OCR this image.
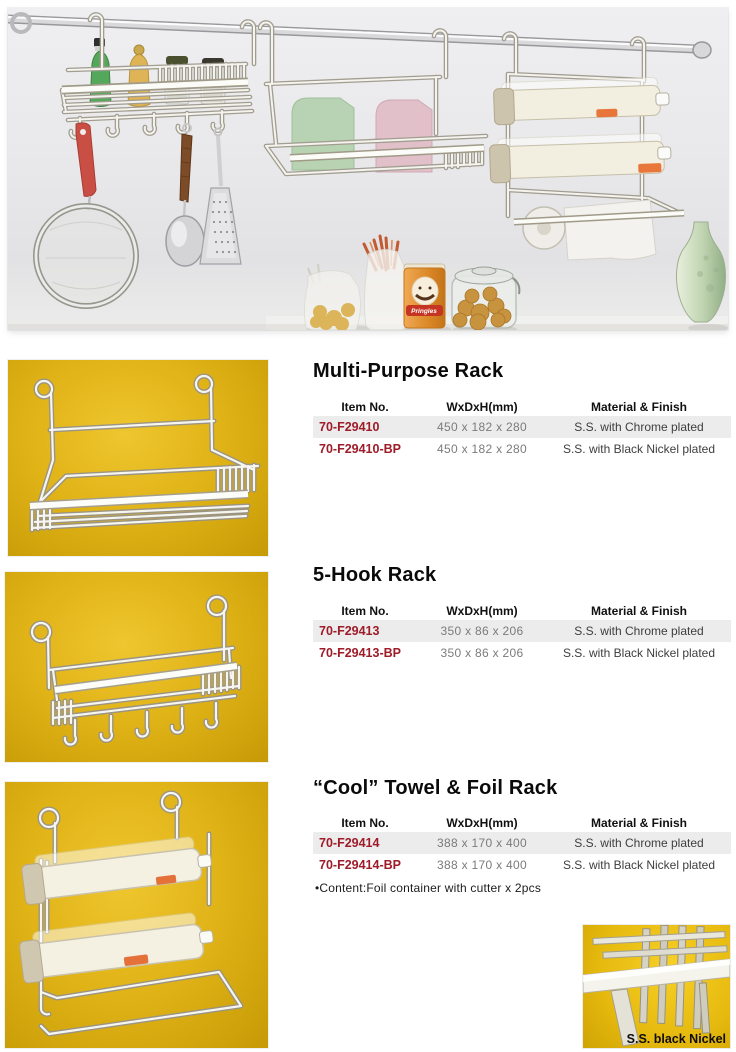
Pringles
Multi-Purpose Rack
Item No.	WxDxH(mm)	Material & Finish
70-F29410	450 x 182 x 280	S.S. with Chrome plated
70-F29410-BP	450 x 182 x 280	S.S. with Black Nickel plated
5-Hook Rack
Item No.	WxDxH(mm)	Material & Finish
70-F29413	350 x 86 x 206	S.S. with Chrome plated
70-F29413-BP	350 x 86 x 206	S.S. with Black Nickel plated
“Cool” Towel & Foil Rack
Item No.	WxDxH(mm)	Material & Finish
70-F29414	388 x 170 x 400	S.S. with Chrome plated
70-F29414-BP	388 x 170 x 400	S.S. with Black Nickel plated
•Content:Foil container with cutter x 2pcs
S.S. black Nickel
